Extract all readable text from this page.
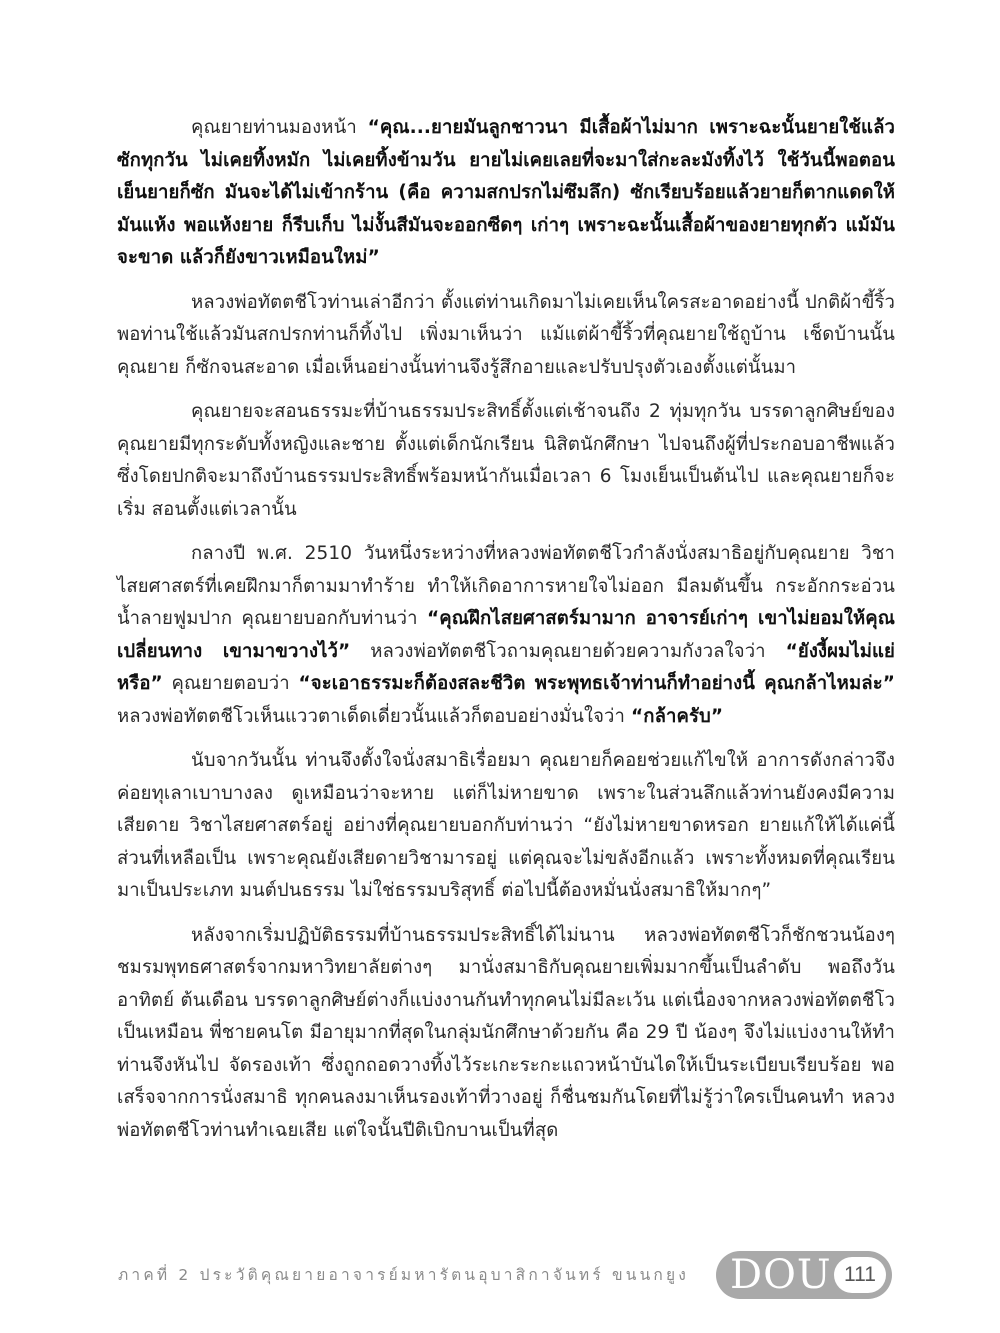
คุณยายท่านมองหน้า “คุณ...ยายมันลูกชาวนา มีเสื้อผ้าไม่มาก เพราะฉะนั้นยายใช้แล้วซักทุกวัน ไม่เคยทิ้งหมัก ไม่เคยทิ้งข้ามวัน ยายไม่เคยเลยที่จะมาใส่กะละมังทิ้งไว้ ใช้วันนี้พอตอนเย็นยายก็ซัก มันจะได้ไม่เข้ากร้าน (คือ ความสกปรกไม่ซึมลึก) ซักเรียบร้อยแล้วยายก็ตากแดดให้มันแห้ง พอแห้งยาย ก็รีบเก็บ ไม่งั้นสีมันจะออกซีดๆ เก่าๆ เพราะฉะนั้นเสื้อผ้าของยายทุกตัว แม้มันจะขาด แล้วก็ยังขาวเหมือนใหม่”

หลวงพ่อทัตตชีโวท่านเล่าอีกว่า ตั้งแต่ท่านเกิดมาไม่เคยเห็นใครสะอาดอย่างนี้ ปกติผ้าขี้ริ้ว พอท่านใช้แล้วมันสกปรกท่านก็ทิ้งไป เพิ่งมาเห็นว่า แม้แต่ผ้าขี้ริ้วที่คุณยายใช้ถูบ้าน เช็ดบ้านนั้น คุณยาย ก็ซักจนสะอาด เมื่อเห็นอย่างนั้นท่านจึงรู้สึกอายและปรับปรุงตัวเองตั้งแต่นั้นมา

คุณยายจะสอนธรรมะที่บ้านธรรมประสิทธิ์ตั้งแต่เช้าจนถึง 2 ทุ่มทุกวัน บรรดาลูกศิษย์ของ คุณยายมีทุกระดับทั้งหญิงและชาย ตั้งแต่เด็กนักเรียน นิสิตนักศึกษา ไปจนถึงผู้ที่ประกอบอาชีพแล้ว ซึ่งโดยปกติจะมาถึงบ้านธรรมประสิทธิ์พร้อมหน้ากันเมื่อเวลา 6 โมงเย็นเป็นต้นไป และคุณยายก็จะเริ่ม สอนตั้งแต่เวลานั้น

กลางปี พ.ศ. 2510 วันหนึ่งระหว่างที่หลวงพ่อทัตตชีโวกำลังนั่งสมาธิอยู่กับคุณยาย วิชา ไสยศาสตร์ที่เคยฝึกมาก็ตามมาทำร้าย ทำให้เกิดอาการหายใจไม่ออก มีลมดันขึ้น กระอักกระอ่วน น้ำลายฟูมปาก คุณยายบอกกับท่านว่า “คุณฝึกไสยศาสตร์มามาก อาจารย์เก่าๆ เขาไม่ยอมให้คุณเปลี่ยนทาง เขามาขวางไว้” หลวงพ่อทัตตชีโวถามคุณยายด้วยความกังวลใจว่า “ยังงี้ผมไม่แย่หรือ” คุณยายตอบว่า “จะเอาธรรมะก็ต้องสละชีวิต พระพุทธเจ้าท่านก็ทำอย่างนี้ คุณกล้าไหมล่ะ” หลวงพ่อทัตตชีโวเห็นแววตาเด็ดเดี่ยวนั้นแล้วก็ตอบอย่างมั่นใจว่า “กล้าครับ”

นับจากวันนั้น ท่านจึงตั้งใจนั่งสมาธิเรื่อยมา คุณยายก็คอยช่วยแก้ไขให้ อาการดังกล่าวจึง ค่อยทุเลาเบาบางลง ดูเหมือนว่าจะหาย แต่ก็ไม่หายขาด เพราะในส่วนลึกแล้วท่านยังคงมีความเสียดาย วิชาไสยศาสตร์อยู่ อย่างที่คุณยายบอกกับท่านว่า “ยังไม่หายขาดหรอก ยายแก้ให้ได้แค่นี้ ส่วนที่เหลือเป็น เพราะคุณยังเสียดายวิชามารอยู่ แต่คุณจะไม่ขลังอีกแล้ว เพราะทั้งหมดที่คุณเรียนมาเป็นประเภท มนต์ปนธรรม ไม่ใช่ธรรมบริสุทธิ์ ต่อไปนี้ต้องหมั่นนั่งสมาธิให้มากๆ”

หลังจากเริ่มปฏิบัติธรรมที่บ้านธรรมประสิทธิ์ได้ไม่นาน หลวงพ่อทัตตชีโวก็ชักชวนน้องๆ ชมรมพุทธศาสตร์จากมหาวิทยาลัยต่างๆ มานั่งสมาธิกับคุณยายเพิ่มมากขึ้นเป็นลำดับ พอถึงวันอาทิตย์ ต้นเดือน บรรดาลูกศิษย์ต่างก็แบ่งงานกันทำทุกคนไม่มีละเว้น แต่เนื่องจากหลวงพ่อทัตตชีโวเป็นเหมือน พี่ชายคนโต มีอายุมากที่สุดในกลุ่มนักศึกษาด้วยกัน คือ 29 ปี น้องๆ จึงไม่แบ่งงานให้ทำ ท่านจึงหันไป จัดรองเท้า ซึ่งถูกถอดวางทิ้งไว้ระเกะระกะแถวหน้าบันไดให้เป็นระเบียบเรียบร้อย พอเสร็จจากการนั่งสมาธิ ทุกคนลงมาเห็นรองเท้าที่วางอยู่ ก็ชื่นชมกันโดยที่ไม่รู้ว่าใครเป็นคนทำ หลวงพ่อทัตตชีโวท่านทำเฉยเสีย แต่ใจนั้นปีติเบิกบานเป็นที่สุด

ภาคที่ 2 ประวัติคุณยายอาจารย์มหารัตนอุบาสิกาจันทร์ ขนนกยูง	DOU 111
